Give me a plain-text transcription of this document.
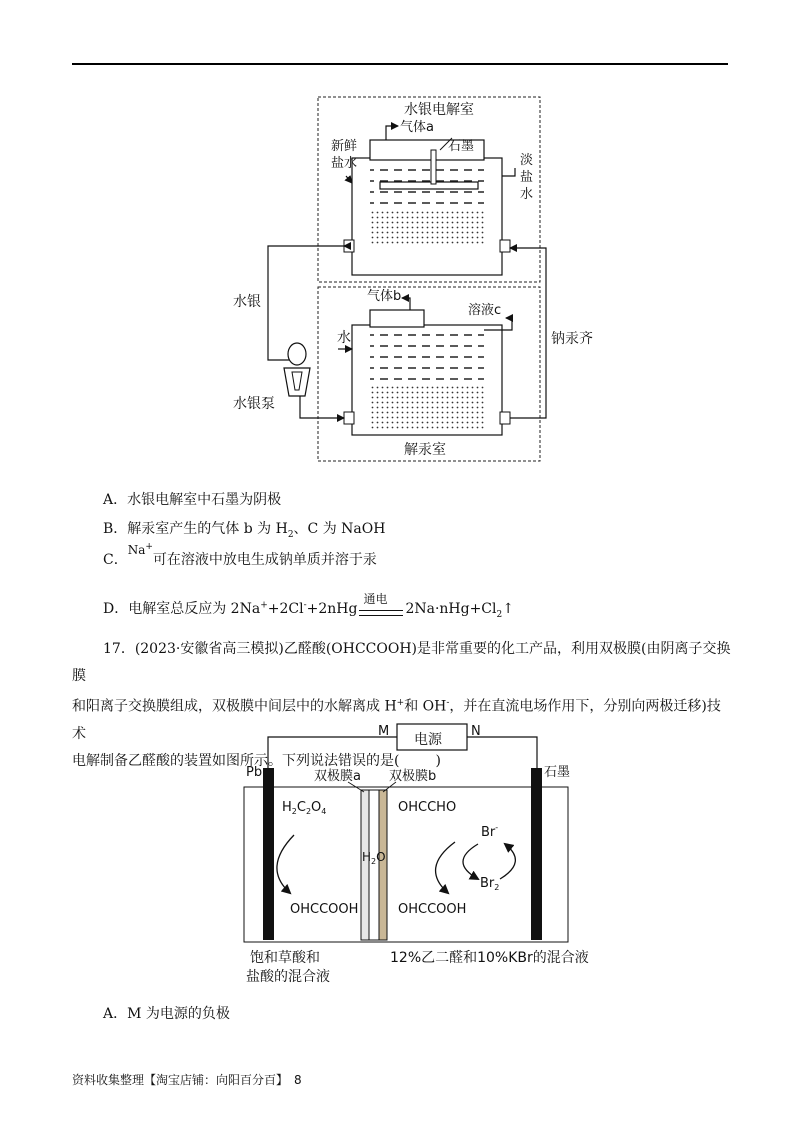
水银电解室
气体a
石墨
新鲜
盐水	淡
盐
水
水银
水银泵
气体b
溶液c
水	钠汞齐
解汞室
M	N
电源
Pb	石墨
双极膜a 双极膜b
$H_2C_2O_4$	OHCCHO
Br-
$Br_2$
$H_2O$
OHCCOOH	OHCCOOH
饱和草酸和
盐酸的混合液
12%乙二醛和10%KBr的混合液
A．水银电解室中石墨为阴极
B．解汞室产生的气体 b 为 $H_2$、C 为 NaOH
C．Na+可在溶液中放电生成钠单质并溶于汞
D．电解室总反应为 2Na++2Cl-+2nHg
通电
$2Na\cdot nHg+Cl_2↑$
17．(2023·安徽省高三模拟)乙醛酸(OHCCOOH)是非常重要的化工产品，利用双极膜(由阴离子交换膜
和阳离子交换膜组成，双极膜中间层中的水解离成 H+和 OH-，并在直流电场作用下，分别向两极迁移)技术
电解制备乙醛酸的装置如图所示。下列说法错误的是(	)
A．M 为电源的负极
资料收集整理【淘宝店铺：向阳百分百】　8
